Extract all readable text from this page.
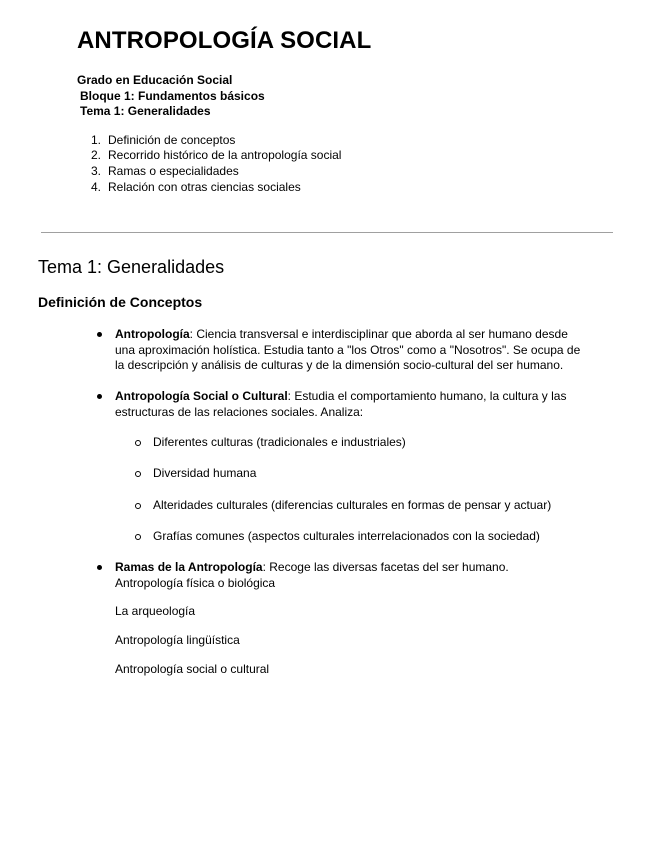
ANTROPOLOGÍA SOCIAL
Grado en Educación Social
Bloque 1: Fundamentos básicos
Tema 1: Generalidades
1. Definición de conceptos
2. Recorrido histórico de la antropología social
3. Ramas o especialidades
4. Relación con otras ciencias sociales
Tema 1: Generalidades
Definición de Conceptos
Antropología: Ciencia transversal e interdisciplinar que aborda al ser humano desde una aproximación holística. Estudia tanto a "los Otros" como a "Nosotros". Se ocupa de la descripción y análisis de culturas y de la dimensión socio-cultural del ser humano.
Antropología Social o Cultural: Estudia el comportamiento humano, la cultura y las estructuras de las relaciones sociales. Analiza:
Diferentes culturas (tradicionales e industriales)
Diversidad humana
Alteridades culturales (diferencias culturales en formas de pensar y actuar)
Grafías comunes (aspectos culturales interrelacionados con la sociedad)
Ramas de la Antropología: Recoge las diversas facetas del ser humano.
Antropología física o biológica
La arqueología
Antropología lingüística
Antropología social o cultural
